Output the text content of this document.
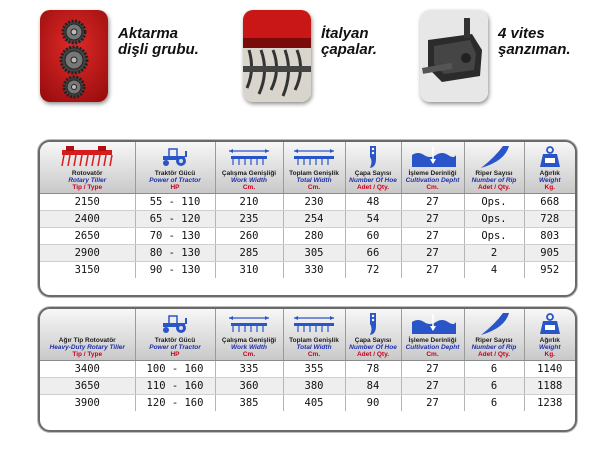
Aktarma
dişli grubu.
İtalyan
çapalar.
4 vites
şanzıman.
Rotovatör
Rotary Tiller
Tip / Type	Traktör Gücü
Power of Tractor
HP	Çalışma Genişliği
Work Width
Cm.	Toplam Genişlik
Total Width
Cm.	Çapa Sayısı
Number Of Hoe
Adet / Qty.	İşleme Derinliği
Cultivation Depht
Cm.	Riper Sayısı
Number of Rip
Adet / Qty.	Ağırlık
Weight
Kg.

2150	55 - 110	210	230	48	27	Ops.	668
2400	65 - 120	235	254	54	27	Ops.	728
2650	70 - 130	260	280	60	27	Ops.	803
2900	80 - 130	285	305	66	27	2	905
3150	90 - 130	310	330	72	27	4	952
Ağır Tip Rotovatör
Heavy-Duty Rotary Tiller
Tip / Type	Traktör Gücü
Power of Tractor
HP	Çalışma Genişliği
Work Width
Cm.	Toplam Genişlik
Total Width
Cm.	Çapa Sayısı
Number Of Hoe
Adet / Qty.	İşleme Derinliği
Cultivation Depht
Cm.	Riper Sayısı
Number of Rip
Adet / Qty.	Ağırlık
Weight
Kg.

3400	100 - 160	335	355	78	27	6	1140
3650	110 - 160	360	380	84	27	6	1188
3900	120 - 160	385	405	90	27	6	1238
